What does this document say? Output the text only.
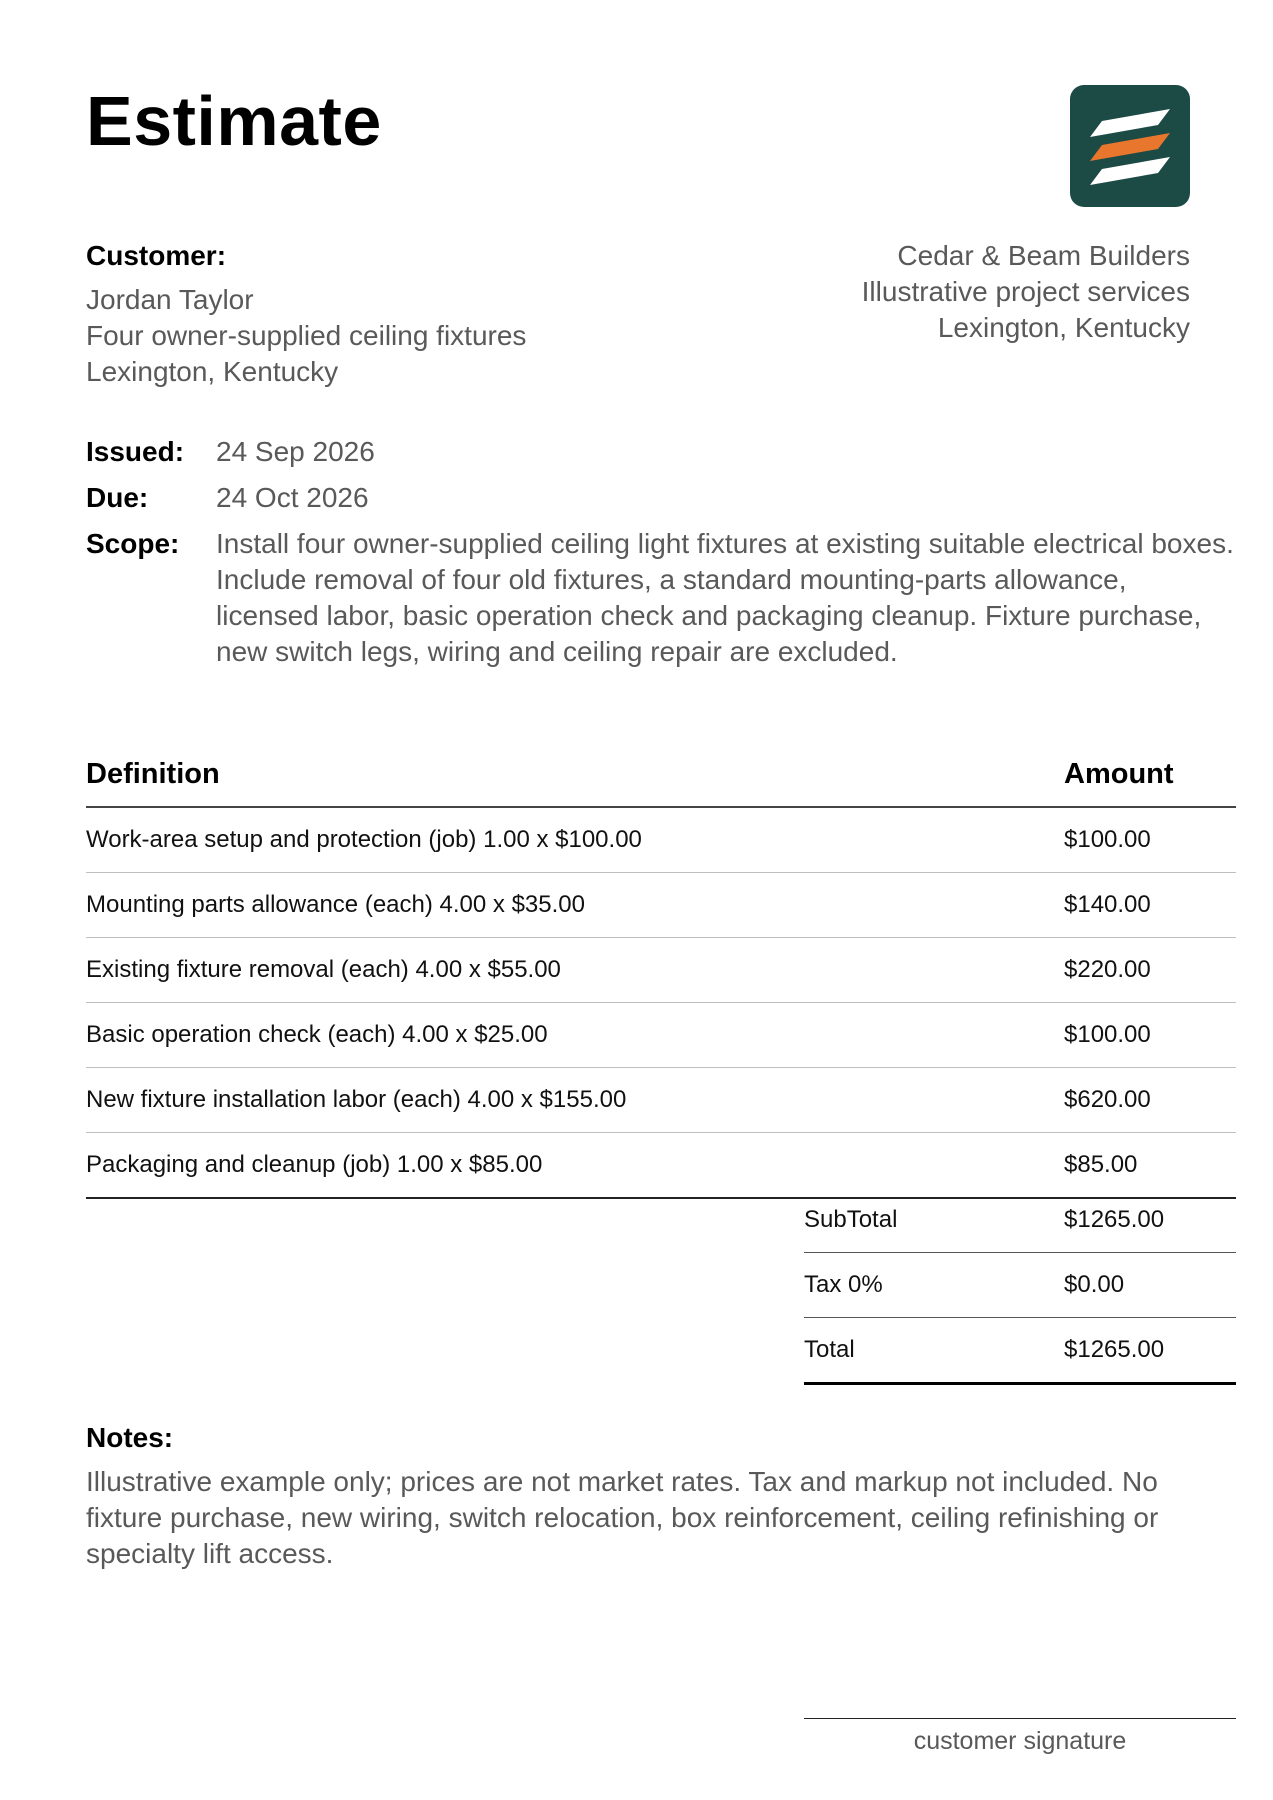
Estimate
Customer:
Jordan Taylor
Four owner-supplied ceiling fixtures
Lexington, Kentucky
Cedar & Beam Builders
Illustrative project services
Lexington, Kentucky
Issued:	24 Sep 2026
Due:	24 Oct 2026
Scope:	Install four owner-supplied ceiling light fixtures at existing suitable electrical boxes. Include removal of four old fixtures, a standard mounting-parts allowance, licensed labor, basic operation check and packaging cleanup. Fixture purchase, new switch legs, wiring and ceiling repair are excluded.
Definition	Amount
Work-area setup and protection (job) 1.00 x $100.00	$100.00
Mounting parts allowance (each) 4.00 x $35.00	$140.00
Existing fixture removal (each) 4.00 x $55.00	$220.00
Basic operation check (each) 4.00 x $25.00	$100.00
New fixture installation labor (each) 4.00 x $155.00	$620.00
Packaging and cleanup (job) 1.00 x $85.00	$85.00
SubTotal	$1265.00
Tax 0%	$0.00
Total	$1265.00
Notes:
Illustrative example only; prices are not market rates. Tax and markup not included. No fixture purchase, new wiring, switch relocation, box reinforcement, ceiling refinishing or specialty lift access.
customer signature
